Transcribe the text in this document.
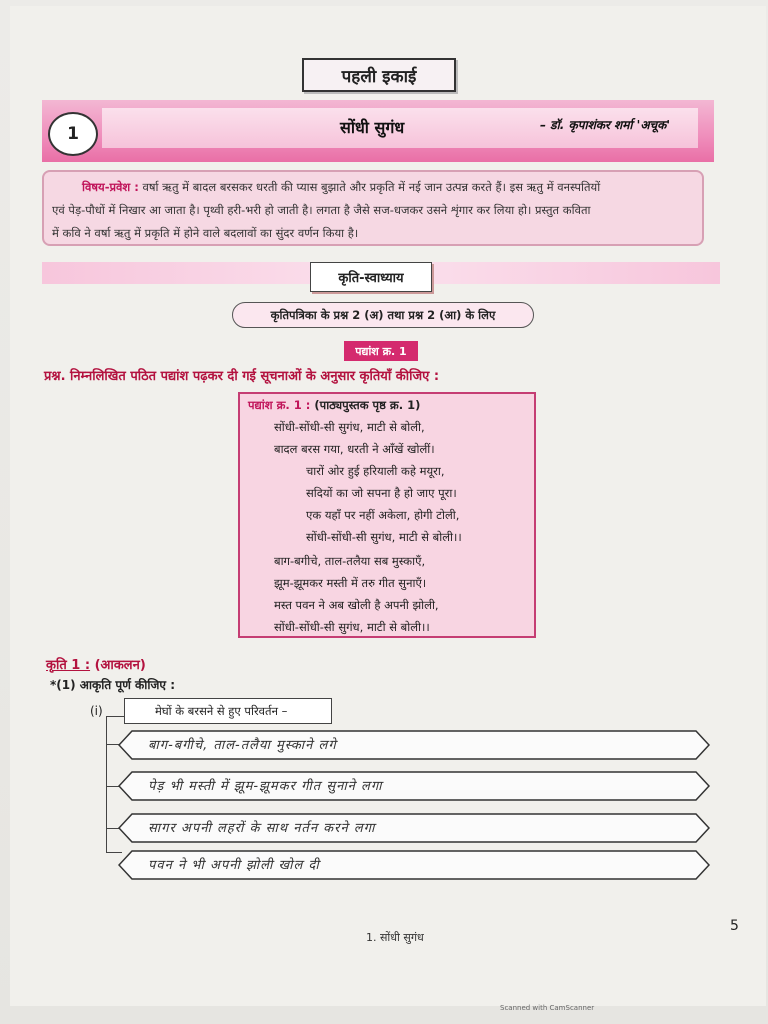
पहली इकाई
1	सोंधी सुगंध	– डॉ. कृपाशंकर शर्मा 'अचूक'
विषय-प्रवेश : वर्षा ऋतु में बादल बरसकर धरती की प्यास बुझाते और प्रकृति में नई जान उत्पन्न करते हैं। इस ऋतु में वनस्पतियों
एवं पेड़-पौधों में निखार आ जाता है। पृथ्वी हरी-भरी हो जाती है। लगता है जैसे सज-धजकर उसने शृंगार कर लिया हो। प्रस्तुत कविता
में कवि ने वर्षा ऋतु में प्रकृति में होने वाले बदलावों का सुंदर वर्णन किया है।
कृति-स्वाध्याय
कृतिपत्रिका के प्रश्न 2 (अ) तथा प्रश्न 2 (आ) के लिए
पद्यांश क्र. 1
प्रश्न. निम्नलिखित पठित पद्यांश पढ़कर दी गई सूचनाओं के अनुसार कृतियाँ कीजिए :
पद्यांश क्र. 1 : (पाठ्यपुस्तक पृष्ठ क्र. 1)
सोंधी-सोंधी-सी सुगंध, माटी से बोली,
बादल बरस गया, धरती ने आँखें खोलीं।
चारों ओर हुई हरियाली कहे मयूरा,
सदियों का जो सपना है हो जाए पूरा।
एक यहाँ पर नहीं अकेला, होगी टोली,
सोंधी-सोंधी-सी सुगंध, माटी से बोली।।
बाग-बगीचे, ताल-तलैया सब मुस्काएँ,
झूम-झूमकर मस्ती में तरु गीत सुनाएँ।
मस्त पवन ने अब खोली है अपनी झोली,
सोंधी-सोंधी-सी सुगंध, माटी से बोली।।
कृति 1 : (आकलन)
*(1) आकृति पूर्ण कीजिए :
(i)	मेघों के बरसने से हुए परिवर्तन –
बाग-बगीचे, ताल-तलैया मुस्काने लगे
पेड़ भी मस्ती में झूम-झूमकर गीत सुनाने लगा
सागर अपनी लहरों के साथ नर्तन करने लगा
पवन ने भी अपनी झोली खोल दी
1. सोंधी सुगंध
5
Scanned with CamScanner
